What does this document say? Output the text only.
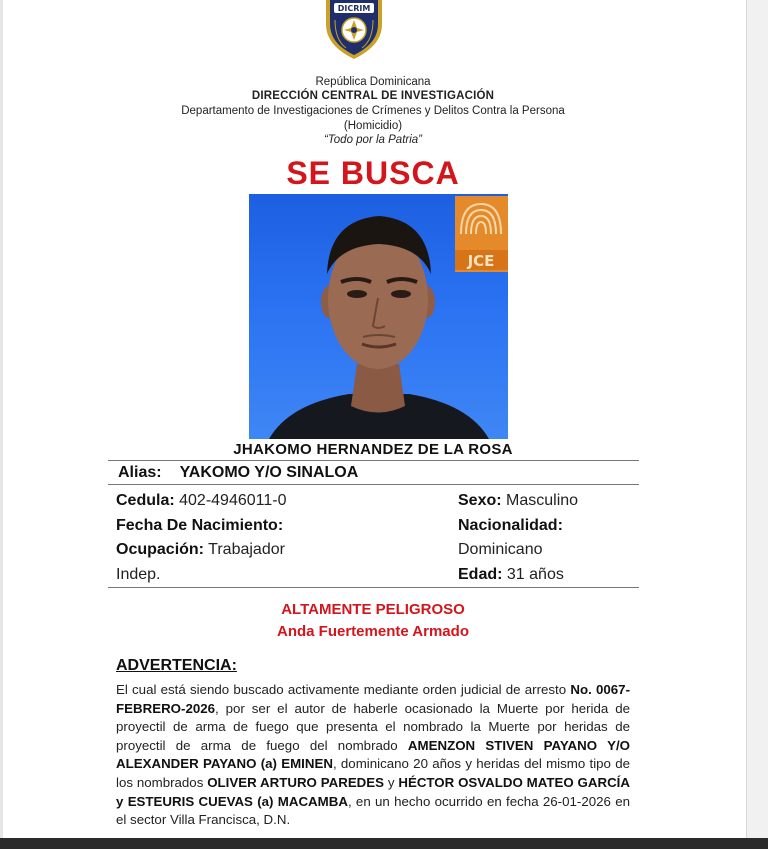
DICRIM
República Dominicana
DIRECCIÓN CENTRAL DE INVESTIGACIÓN
Departamento de Investigaciones de Crímenes y Delitos Contra la Persona
(Homicidio)
“Todo por la Patria”
SE BUSCA
JCE
JHAKOMO HERNANDEZ DE LA ROSA
Alias: YAKOMO Y/O SINALOA
Cedula: 402-4946011-0	Sexo: Masculino
Fecha De Nacimiento:	Nacionalidad:
Ocupación: Trabajador	Dominicano
Indep.	Edad: 31 años
ALTAMENTE PELIGROSO
Anda Fuertemente Armado
ADVERTENCIA:
El cual está siendo buscado activamente mediante orden judicial de arresto No. 0067-FEBRERO-2026, por ser el autor de haberle ocasionado la Muerte por herida de proyectil de arma de fuego que presenta el nombrado la Muerte por heridas de proyectil de arma de fuego del nombrado AMENZON STIVEN PAYANO Y/O ALEXANDER PAYANO (a) EMINEN, dominicano 20 años y heridas del mismo tipo de los nombrados OLIVER ARTURO PAREDES y HÉCTOR OSVALDO MATEO GARCÍA y ESTEURIS CUEVAS (a) MACAMBA, en un hecho ocurrido en fecha 26-01-2026 en el sector Villa Francisca, D.N.
